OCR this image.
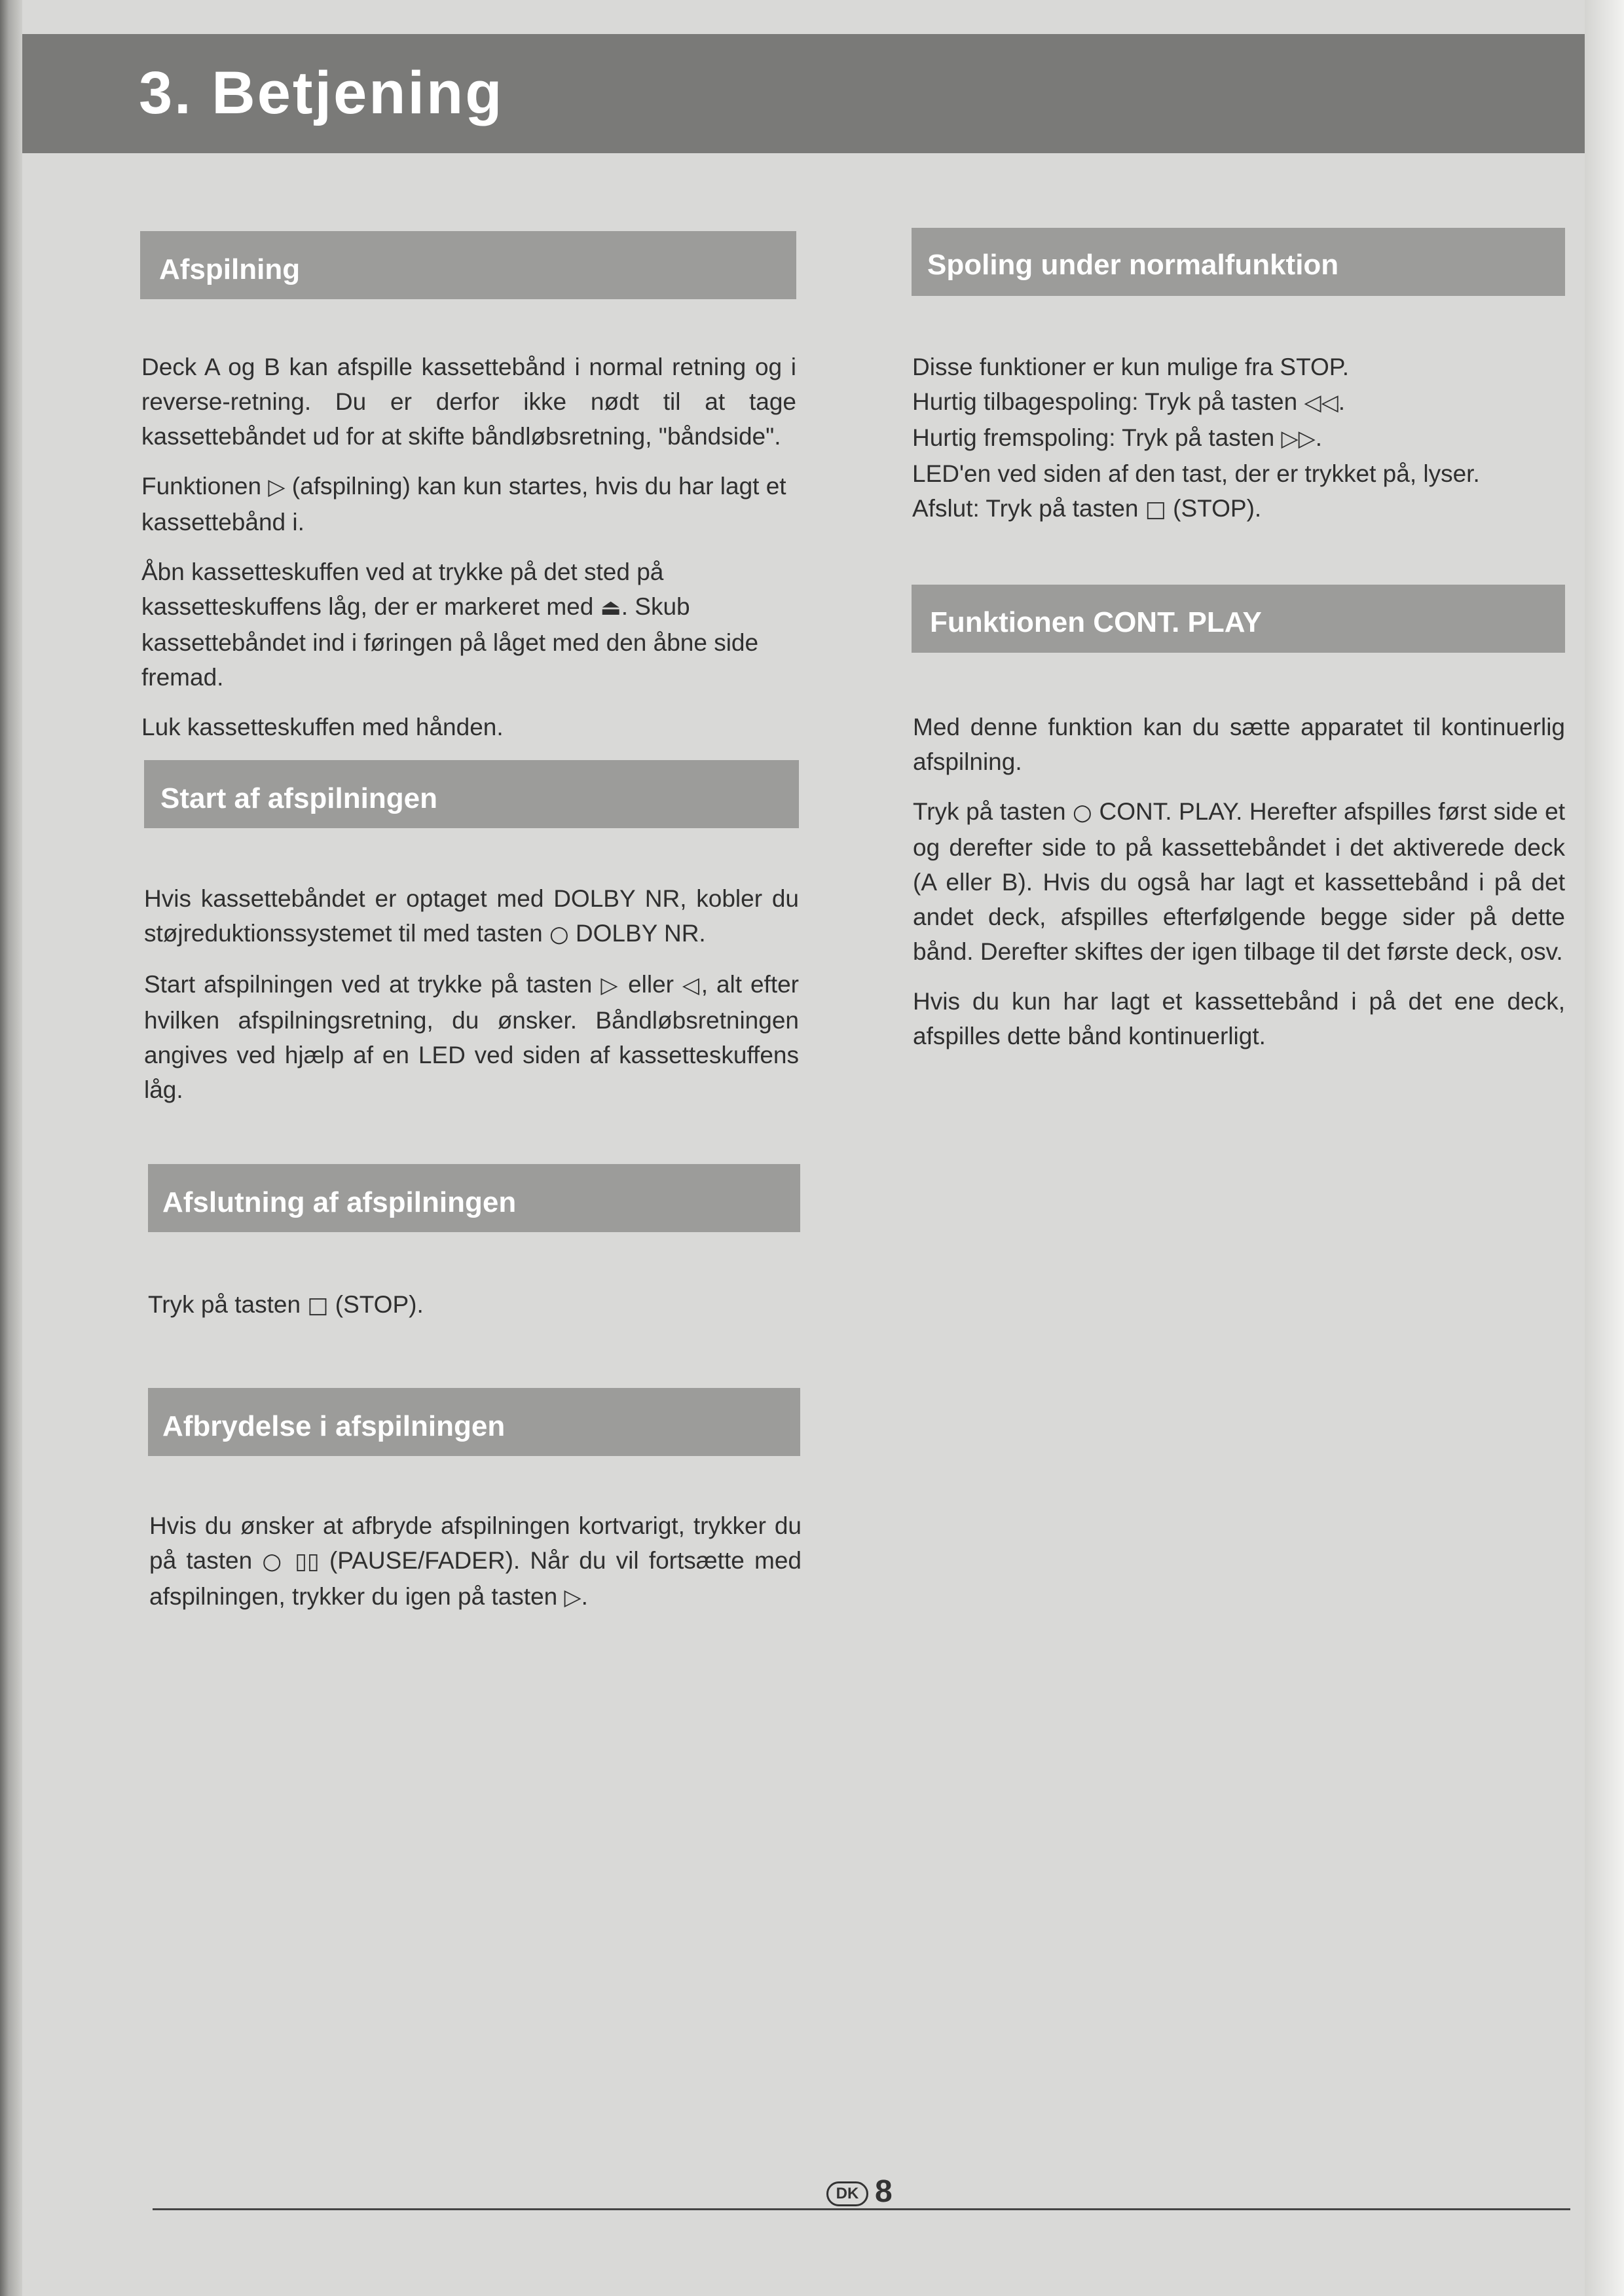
3. Betjening
Afspilning

Deck A og B kan afspille kassettebånd i normal retning og i reverse-retning. Du er derfor ikke nødt til at tage kassettebåndet ud for at skifte båndløbsretning, "båndside".

Funktionen ▷ (afspilning) kan kun startes, hvis du har lagt et kassettebånd i.

Åbn kassetteskuffen ved at trykke på det sted på kassetteskuffens låg, der er markeret med ⏏. Skub kassettebåndet ind i føringen på låget med den åbne side fremad.

Luk kassetteskuffen med hånden.

Start af afspilningen

Hvis kassettebåndet er optaget med DOLBY NR, kobler du støjreduktionssystemet til med tasten ○ DOLBY NR.

Start afspilningen ved at trykke på tasten ▷ eller ◁, alt efter hvilken afspilningsretning, du ønsker. Båndløbsretningen angives ved hjælp af en LED ved siden af kassetteskuffens låg.

Afslutning af afspilningen

Tryk på tasten □ (STOP).

Afbrydelse i afspilningen

Hvis du ønsker at afbryde afspilningen kortvarigt, trykker du på tasten ○ ▯▯ (PAUSE/FADER). Når du vil fortsætte med afspilningen, trykker du igen på tasten ▷.

Spoling under normalfunktion

Disse funktioner er kun mulige fra STOP.

Hurtig tilbagespoling: Tryk på tasten ◁◁.

Hurtig fremspoling: Tryk på tasten ▷▷.

LED'en ved siden af den tast, der er trykket på, lyser.

Afslut: Tryk på tasten □ (STOP).

Funktionen CONT. PLAY

Med denne funktion kan du sætte apparatet til kontinuerlig afspilning.

Tryk på tasten ○ CONT. PLAY. Herefter afspilles først side et og derefter side to på kassettebåndet i det aktiverede deck (A eller B). Hvis du også har lagt et kassettebånd i på det andet deck, afspilles efterfølgende begge sider på dette bånd. Derefter skiftes der igen tilbage til det første deck, osv.

Hvis du kun har lagt et kassettebånd i på det ene deck, afspilles dette bånd kontinuerligt.

DK 8
